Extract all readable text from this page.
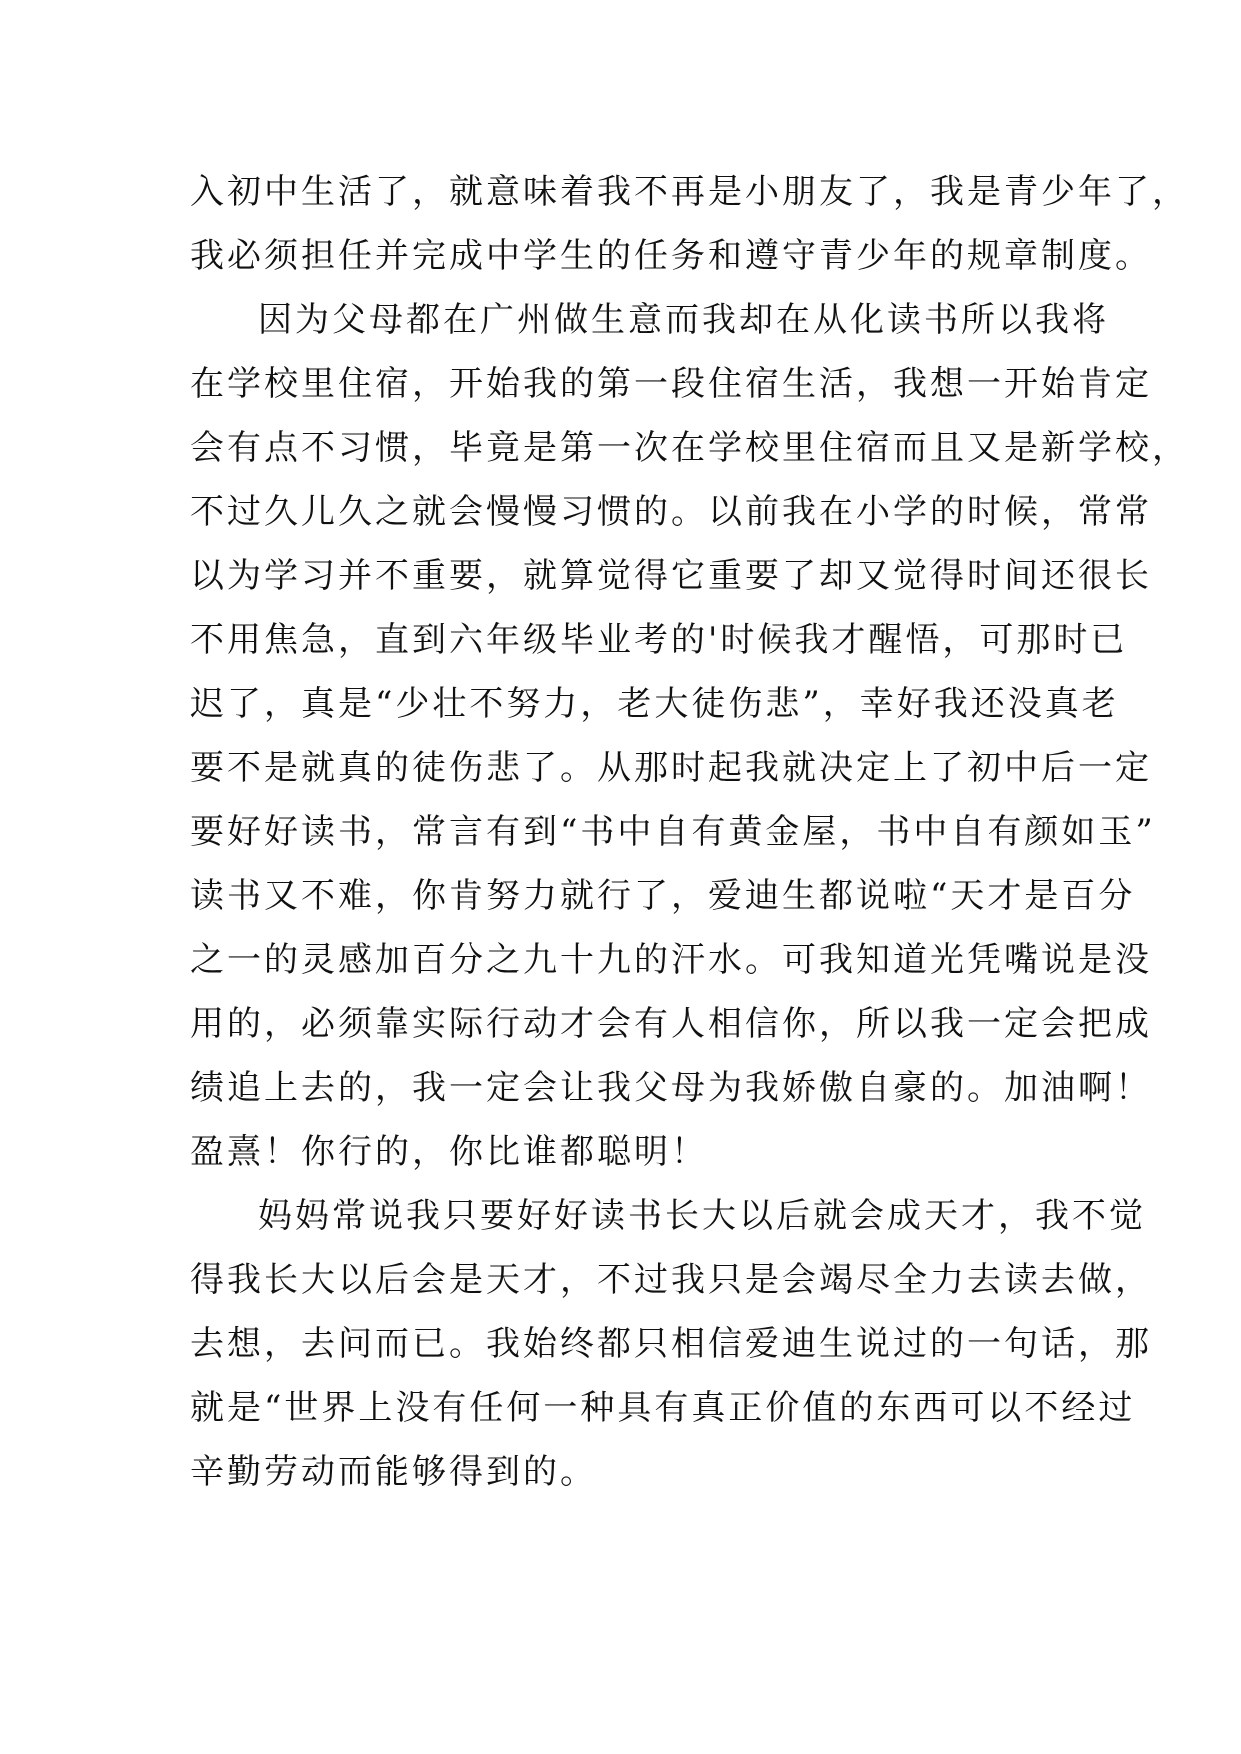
入初中生活了，就意味着我不再是小朋友了，我是青少年了，
我必须担任并完成中学生的任务和遵守青少年的规章制度。
因为父母都在广州做生意而我却在从化读书所以我将
在学校里住宿，开始我的第一段住宿生活，我想一开始肯定
会有点不习惯，毕竟是第一次在学校里住宿而且又是新学校，
不过久儿久之就会慢慢习惯的。以前我在小学的时候，常常
以为学习并不重要，就算觉得它重要了却又觉得时间还很长
不用焦急，直到六年级毕业考的'时候我才醒悟，可那时已
迟了，真是“少壮不努力，老大徒伤悲”，幸好我还没真老
要不是就真的徒伤悲了。从那时起我就决定上了初中后一定
要好好读书，常言有到“书中自有黄金屋，书中自有颜如玉”
读书又不难，你肯努力就行了，爱迪生都说啦“天才是百分
之一的灵感加百分之九十九的汗水。可我知道光凭嘴说是没
用的，必须靠实际行动才会有人相信你，所以我一定会把成
绩追上去的，我一定会让我父母为我娇傲自豪的。加油啊！
盈熹！你行的，你比谁都聪明！
妈妈常说我只要好好读书长大以后就会成天才，我不觉
得我长大以后会是天才，不过我只是会竭尽全力去读去做，
去想，去问而已。我始终都只相信爱迪生说过的一句话，那
就是“世界上没有任何一种具有真正价值的东西可以不经过
辛勤劳动而能够得到的。
